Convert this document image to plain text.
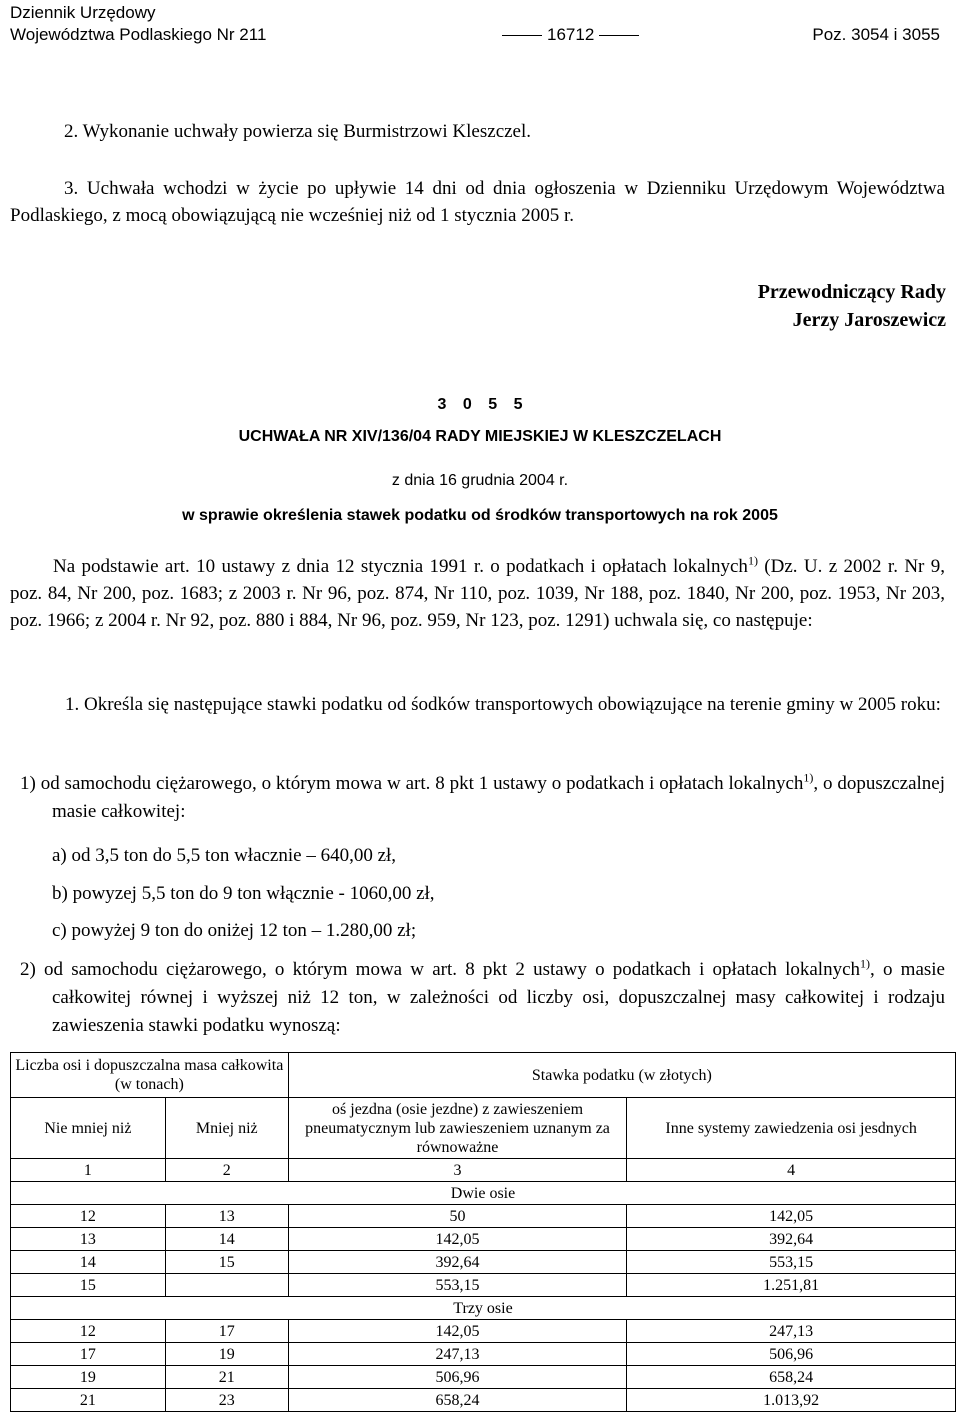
Dziennik Urzędowy
Województwa Podlaskiego Nr 211	16712	Poz. 3054 i 3055
2. Wykonanie uchwały powierza się Burmistrzowi Kleszczel.
3. Uchwała wchodzi w życie po upływie 14 dni od dnia ogłoszenia w Dzienniku Urzędowym Województwa Podlaskiego, z mocą obowiązującą nie wcześniej niż od 1 stycznia 2005 r.
Przewodniczący Rady
Jerzy Jaroszewicz
3 0 5 5
UCHWAŁA NR XIV/136/04 RADY MIEJSKIEJ W KLESZCZELACH
z dnia 16 grudnia 2004 r.
w sprawie określenia stawek podatku od środków transportowych na rok 2005
Na podstawie art. 10 ustawy z dnia 12 stycznia 1991 r. o podatkach i opłatach lokalnych$^{1)}$ (Dz. U. z 2002 r. Nr 9, poz. 84, Nr 200, poz. 1683; z 2003 r. Nr 96, poz. 874, Nr 110, poz. 1039, Nr 188, poz. 1840, Nr 200, poz. 1953, Nr 203, poz. 1966; z 2004 r. Nr 92, poz. 880 i 884, Nr 96, poz. 959, Nr 123, poz. 1291) uchwala się, co następuje:
1. Określa się następujące stawki podatku od śodków transportowych obowiązujące na terenie gminy w 2005 roku:
1) od samochodu ciężarowego, o którym mowa w art. 8 pkt 1 ustawy o podatkach i opłatach lokalnych$^{1)}$, o dopuszczalnej masie całkowitej:
a) od 3,5 ton do 5,5 ton włacznie – 640,00 zł,
b) powyzej 5,5 ton do 9 ton włącznie - 1060,00 zł,
c) powyżej 9 ton do oniżej 12 ton – 1.280,00 zł;
2) od samochodu ciężarowego, o którym mowa w art. 8 pkt 2 ustawy o podatkach i opłatach lokalnych$^{1)}$, o masie całkowitej równej i wyższej niż 12 ton, w zależności od liczby osi, dopuszczalnej masy całkowitej i rodzaju zawieszenia stawki podatku wynoszą:
Liczba osi i dopuszczalna masa całkowita (w tonach)		Stawka podatku (w złotych)	
Nie mniej niż	Mniej niż	oś jezdna (osie jezdne) z zawieszeniem pneumatycznym lub zawieszeniem uznanym za równoważne	Inne systemy zawiedzenia osi jesdnych
1	2	3	4
Dwie osie			
12	13	50	142,05
13	14	142,05	392,64
14	15	392,64	553,15
15		553,15	1.251,81
Trzy osie			
12	17	142,05	247,13
17	19	247,13	506,96
19	21	506,96	658,24
21	23	658,24	1.013,92
